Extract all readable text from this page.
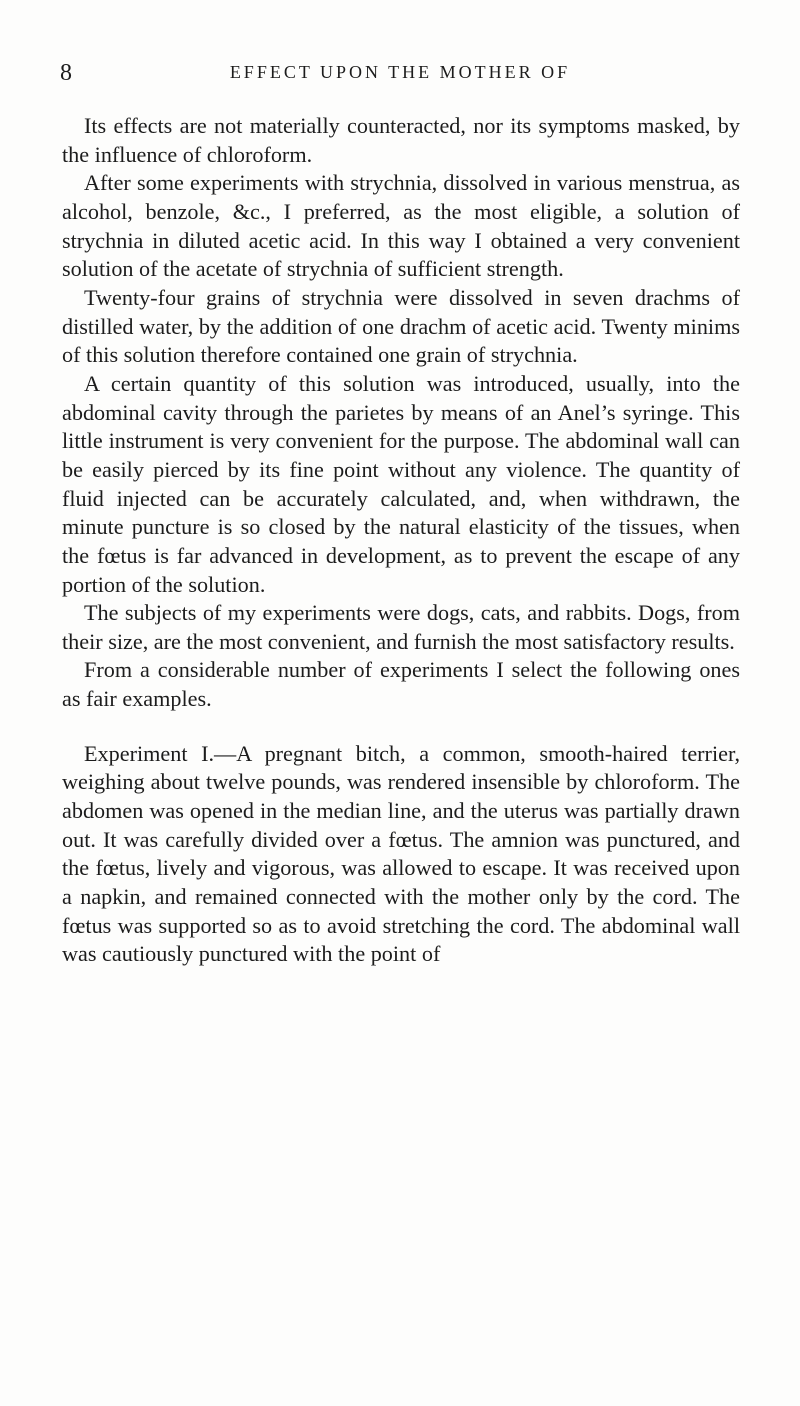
8	EFFECT UPON THE MOTHER OF

Its effects are not materially counteracted, nor its symptoms masked, by the influence of chloroform.

After some experiments with strychnia, dissolved in various menstrua, as alcohol, benzole, &c., I preferred, as the most eligible, a solution of strychnia in diluted acetic acid. In this way I obtained a very convenient solution of the acetate of strychnia of sufficient strength.

Twenty-four grains of strychnia were dissolved in seven drachms of distilled water, by the addition of one drachm of acetic acid. Twenty minims of this solution therefore contained one grain of strychnia.

A certain quantity of this solution was introduced, usually, into the abdominal cavity through the parietes by means of an Anel’s syringe. This little instrument is very convenient for the purpose. The abdominal wall can be easily pierced by its fine point without any violence. The quantity of fluid injected can be accurately calculated, and, when withdrawn, the minute puncture is so closed by the natural elasticity of the tissues, when the fœtus is far advanced in development, as to prevent the escape of any portion of the solution.

The subjects of my experiments were dogs, cats, and rabbits. Dogs, from their size, are the most convenient, and furnish the most satisfactory results.

From a considerable number of experiments I select the following ones as fair examples.

Experiment I.—A pregnant bitch, a common, smooth-haired terrier, weighing about twelve pounds, was rendered insensible by chloroform. The abdomen was opened in the median line, and the uterus was partially drawn out. It was carefully divided over a fœtus. The amnion was punctured, and the fœtus, lively and vigorous, was allowed to escape. It was received upon a napkin, and remained connected with the mother only by the cord. The fœtus was supported so as to avoid stretching the cord. The abdominal wall was cautiously punctured with the point of
